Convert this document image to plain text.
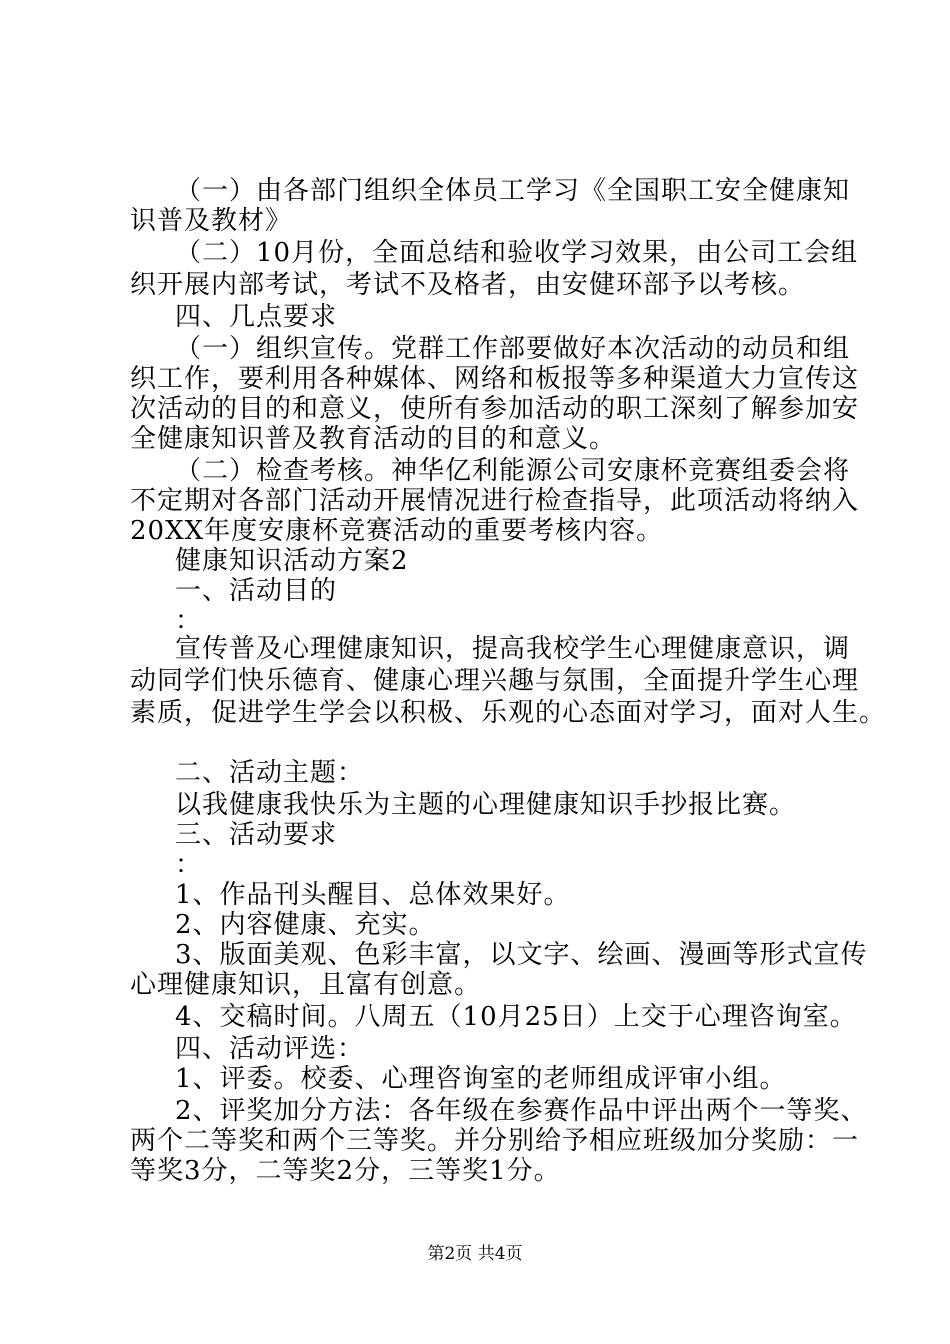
（一）由各部门组织全体员工学习《全国职工安全健康知
识普及教材》
（二）10月份，全面总结和验收学习效果，由公司工会组
织开展内部考试，考试不及格者，由安健环部予以考核。
四、几点要求
（一）组织宣传。党群工作部要做好本次活动的动员和组
织工作，要利用各种媒体、网络和板报等多种渠道大力宣传这
次活动的目的和意义，使所有参加活动的职工深刻了解参加安
全健康知识普及教育活动的目的和意义。
（二）检查考核。神华亿利能源公司安康杯竞赛组委会将
不定期对各部门活动开展情况进行检查指导，此项活动将纳入
20XX年度安康杯竞赛活动的重要考核内容。
健康知识活动方案2
一、活动目的
：
宣传普及心理健康知识，提高我校学生心理健康意识，调
动同学们快乐德育、健康心理兴趣与氛围，全面提升学生心理
素质，促进学生学会以积极、乐观的心态面对学习，面对人生。
二、活动主题：
以我健康我快乐为主题的心理健康知识手抄报比赛。
三、活动要求
：
1、作品刊头醒目、总体效果好。
2、内容健康、充实。
3、版面美观、色彩丰富，以文字、绘画、漫画等形式宣传
心理健康知识，且富有创意。
4、交稿时间。八周五（10月25日）上交于心理咨询室。
四、活动评选：
1、评委。校委、心理咨询室的老师组成评审小组。
2、评奖加分方法：各年级在参赛作品中评出两个一等奖、
两个二等奖和两个三等奖。并分别给予相应班级加分奖励：一
等奖3分，二等奖2分，三等奖1分。
第2页 共4页
